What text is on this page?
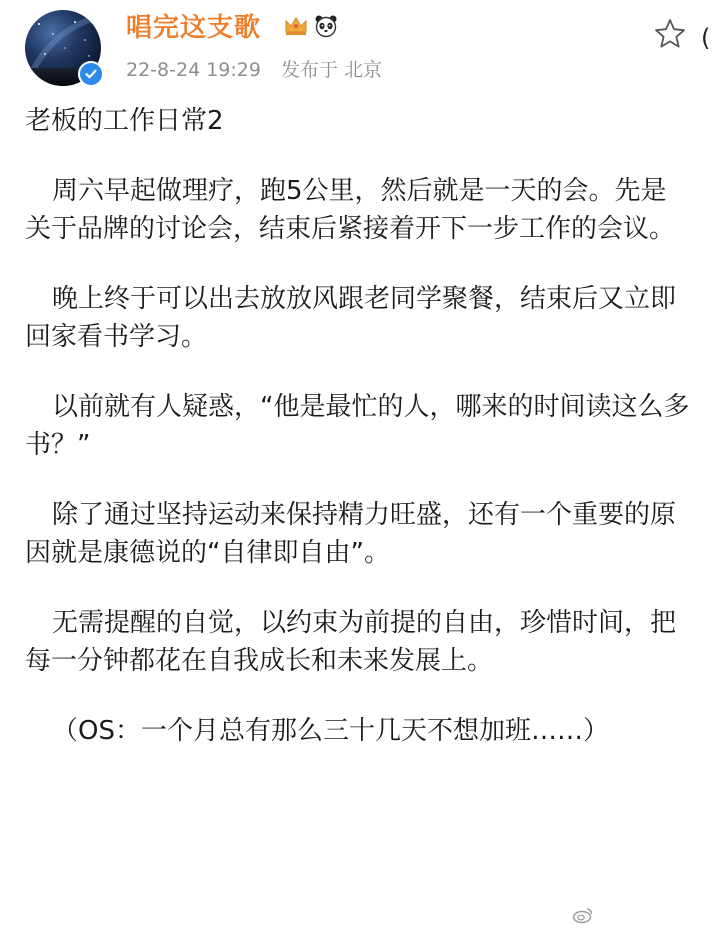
唱完这支歌
22-8-24 19:29 发布于 北京
(
老板的工作日常2
周六早起做理疗，跑5公里，然后就是一天的会。先是关于品牌的讨论会，结束后紧接着开下一步工作的会议。
晚上终于可以出去放放风跟老同学聚餐，结束后又立即回家看书学习。
以前就有人疑惑，“他是最忙的人，哪来的时间读这么多书？”
除了通过坚持运动来保持精力旺盛，还有一个重要的原因就是康德说的“自律即自由”。
无需提醒的自觉，以约束为前提的自由，珍惜时间，把每一分钟都花在自我成长和未来发展上。
（OS：一个月总有那么三十几天不想加班……）
